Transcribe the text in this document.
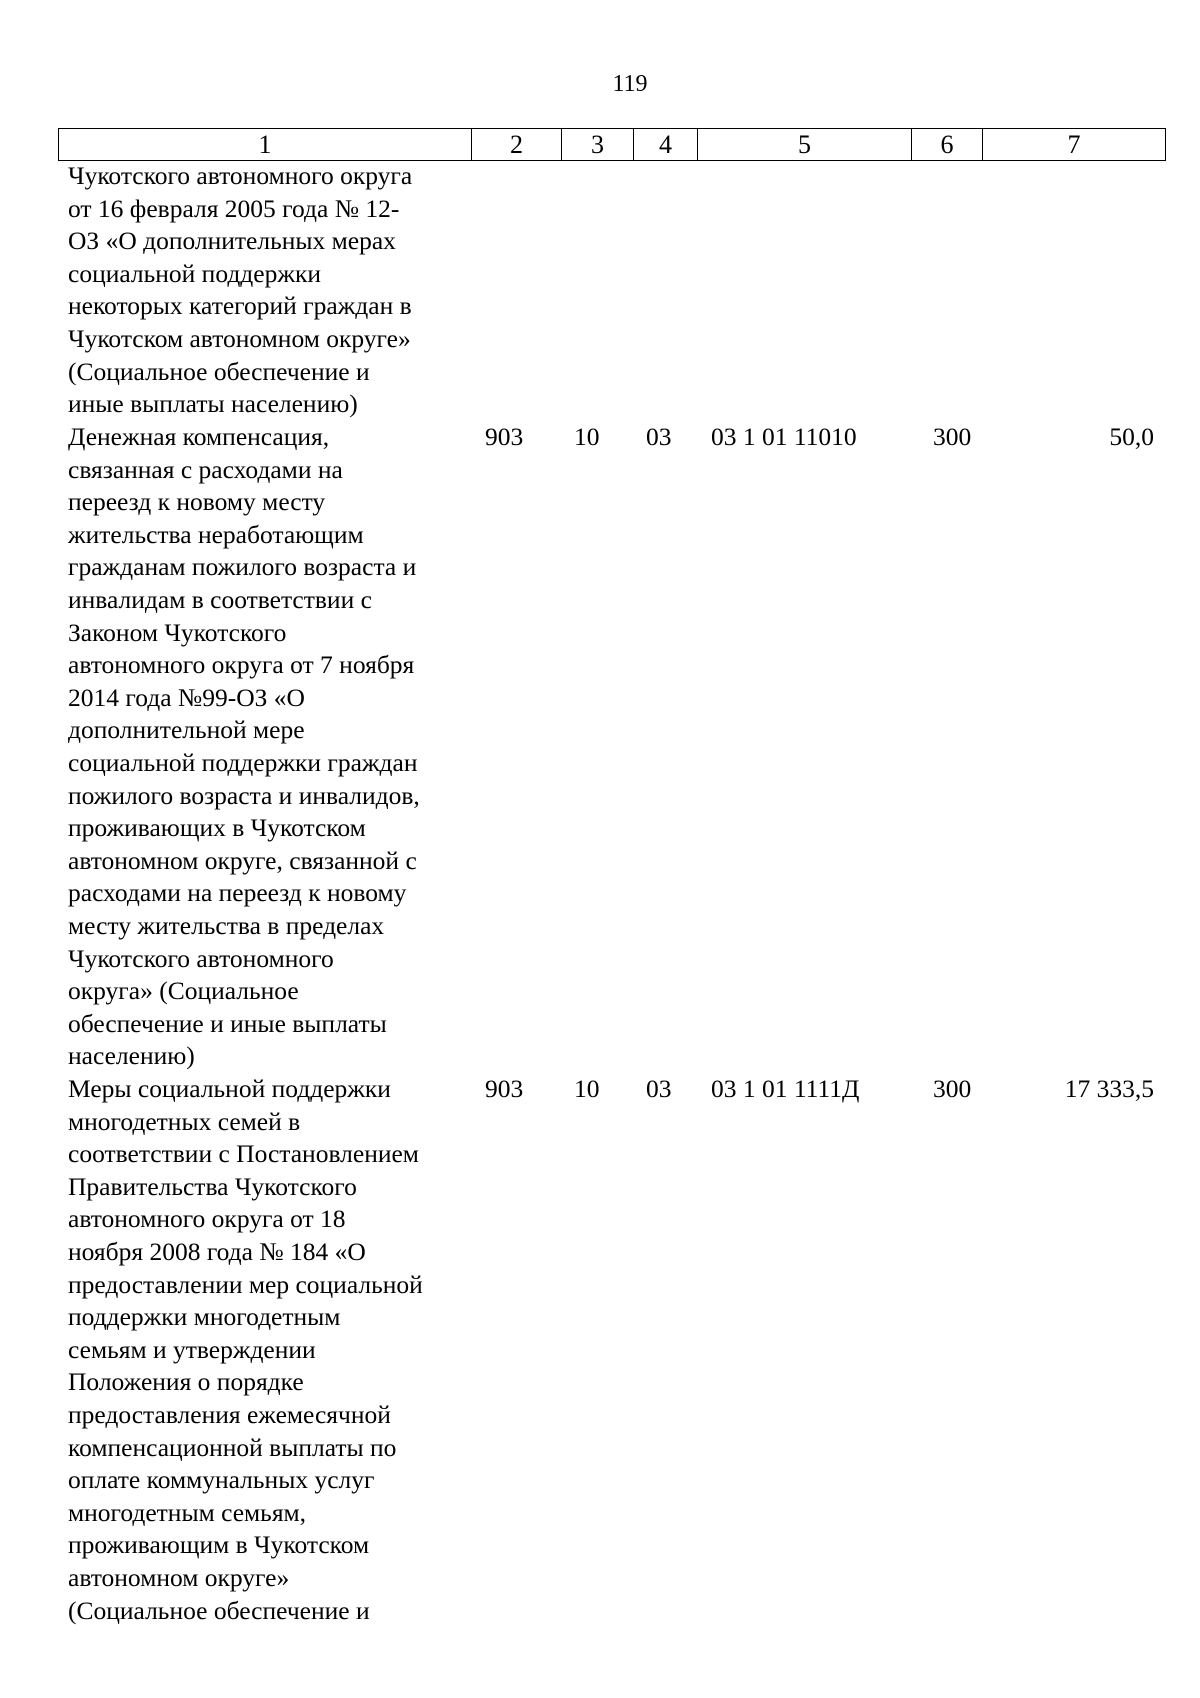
119
1	2	3	4	5	6	7
Чукотского автономного округа
от 16 февраля 2005 года № 12-
ОЗ «О дополнительных мерах
социальной поддержки
некоторых категорий граждан в
Чукотском автономном округе»
(Социальное обеспечение и
иные выплаты населению)
Денежная компенсация,
связанная с расходами на
переезд к новому месту
жительства неработающим
гражданам пожилого возраста и
инвалидам в соответствии с
Законом Чукотского
автономного округа от 7 ноября
2014 года №99-ОЗ «О
дополнительной мере
социальной поддержки граждан
пожилого возраста и инвалидов,
проживающих в Чукотском
автономном округе, связанной с
расходами на переезд к новому
месту жительства в пределах
Чукотского автономного
округа» (Социальное
обеспечение и иные выплаты
населению)
903	10	03	03 1 01 11010	300	50,0
Меры социальной поддержки
многодетных семей в
соответствии с Постановлением
Правительства Чукотского
автономного округа от 18
ноября 2008 года № 184 «О
предоставлении мер социальной
поддержки многодетным
семьям и утверждении
Положения о порядке
предоставления ежемесячной
компенсационной выплаты по
оплате коммунальных услуг
многодетным семьям,
проживающим в Чукотском
автономном округе»
(Социальное обеспечение и
903	10	03	03 1 01 1111Д	300	17 333,5
